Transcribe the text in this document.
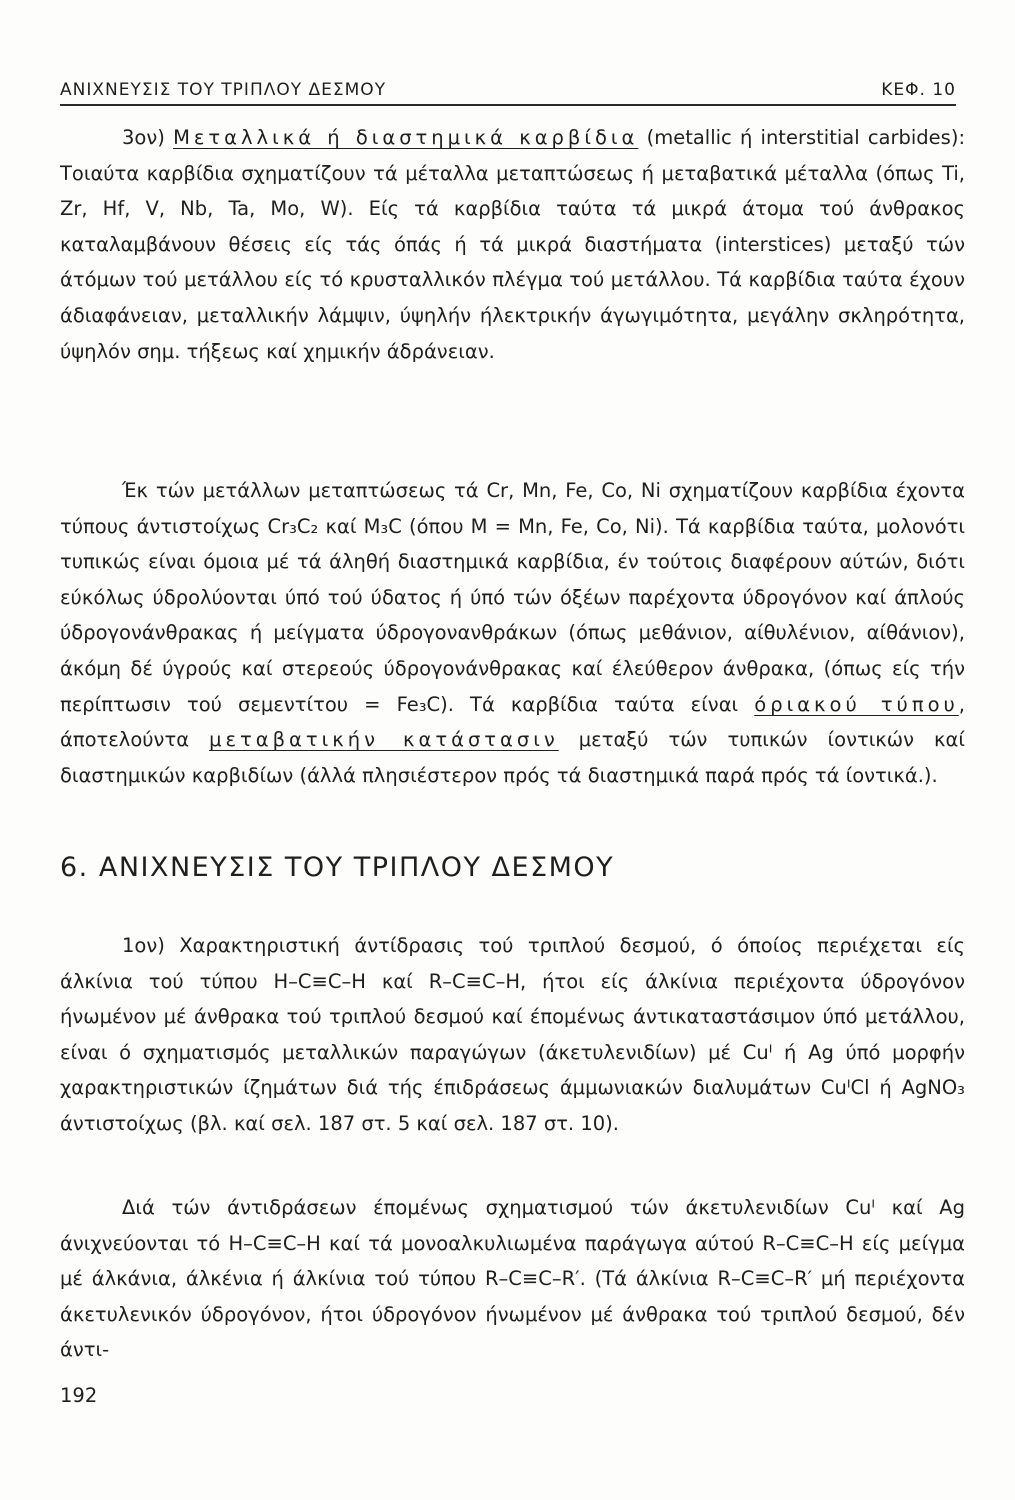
ΑΝΙΧΝΕΥΣΙΣ ΤΟΥ ΤΡΙΠΛΟΥ ΔΕΣΜΟΥ	ΚΕΦ. 10
3ον) Μεταλλικά ή διαστημικά καρβίδια (metallic ή interstitial carbides): Τοιαύτα καρβίδια σχηματίζουν τά μέταλλα μεταπτώσεως ή μεταβατικά μέταλλα (όπως Ti, Zr, Hf, V, Nb, Ta, Mo, W). Είς τά καρβίδια ταύτα τά μικρά άτομα τού άνθρακος καταλαμβάνουν θέσεις είς τάς όπάς ή τά μικρά διαστήματα (interstices) μεταξύ τών άτόμων τού μετάλλου είς τό κρυσταλλικόν πλέγμα τού μετάλλου. Τά καρβίδια ταύτα έχουν άδιαφάνειαν, μεταλλικήν λάμψιν, ύψηλήν ήλεκτρικήν άγωγιμότητα, μεγάλην σκληρότητα, ύψηλόν σημ. τήξεως καί χημικήν άδράνειαν.
Έκ τών μετάλλων μεταπτώσεως τά Cr, Mn, Fe, Co, Ni σχηματίζουν καρβίδια έχοντα τύπους άντιστοίχως Cr₃C₂ καί M₃C (όπου M = Mn, Fe, Co, Ni). Τά καρβίδια ταύτα, μολονότι τυπικώς είναι όμοια μέ τά άληθή διαστημικά καρβίδια, έν τούτοις διαφέρουν αύτών, διότι εύκόλως ύδρολύονται ύπό τού ύδατος ή ύπό τών όξέων παρέχοντα ύδρογόνον καί άπλούς ύδρογονάνθρακας ή μείγματα ύδρογονανθράκων (όπως μεθάνιον, αίθυλένιον, αίθάνιον), άκόμη δέ ύγρούς καί στερεούς ύδρογονάνθρακας καί έλεύθερον άνθρακα, (όπως είς τήν περίπτωσιν τού σεμεντίτου = Fe₃C). Τά καρβίδια ταύτα είναι όριακού τύπου, άποτελούντα μεταβατικήν κατάστασιν μεταξύ τών τυπικών ίοντικών καί διαστημικών καρβιδίων (άλλά πλησιέστερον πρός τά διαστημικά παρά πρός τά ίοντικά.).
6. ΑΝΙΧΝΕΥΣΙΣ ΤΟΥ ΤΡΙΠΛΟΥ ΔΕΣΜΟΥ
1ον) Χαρακτηριστική άντίδρασις τού τριπλού δεσμού, ό όποίος περιέχεται είς άλκίνια τού τύπου H–C≡C–H καί R–C≡C–H, ήτοι είς άλκίνια περιέχοντα ύδρογόνον ήνωμένον μέ άνθρακα τού τριπλού δεσμού καί έπομένως άντικαταστάσιμον ύπό μετάλλου, είναι ό σχηματισμός μεταλλικών παραγώγων (άκετυλενιδίων) μέ Cuᴵ ή Ag ύπό μορφήν χαρακτηριστικών ίζημάτων διά τής έπιδράσεως άμμωνιακών διαλυμάτων CuᴵCl ή AgNO₃ άντιστοίχως (βλ. καί σελ. 187 στ. 5 καί σελ. 187 στ. 10).
Διά τών άντιδράσεων έπομένως σχηματισμού τών άκετυλενιδίων Cuᴵ καί Ag άνιχνεύονται τό H–C≡C–H καί τά μονοαλκυλιωμένα παράγωγα αύτού R–C≡C–H είς μείγμα μέ άλκάνια, άλκένια ή άλκίνια τού τύπου R–C≡C–R′. (Τά άλκίνια R–C≡C–R′ μή περιέχοντα άκετυλενικόν ύδρογόνον, ήτοι ύδρογόνον ήνωμένον μέ άνθρακα τού τριπλού δεσμού, δέν άντι-
192
